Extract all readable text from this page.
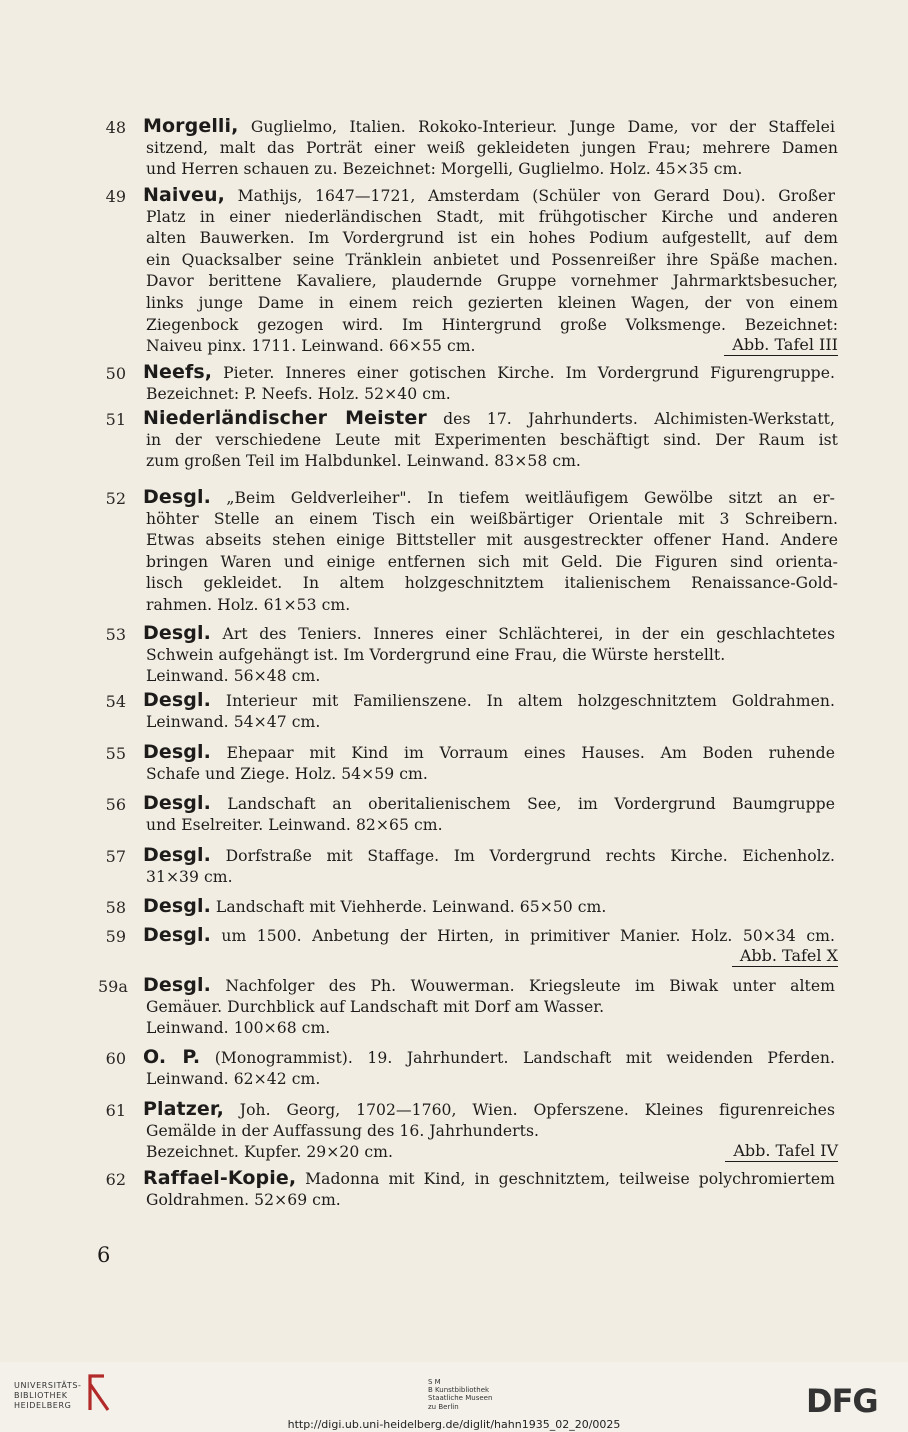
48 Morgelli, Guglielmo, Italien. Rokoko-Interieur. Junge Dame, vor der Staffelei
sitzend, malt das Porträt einer weiß gekleideten jungen Frau; mehrere Damen
und Herren schauen zu. Bezeichnet: Morgelli, Guglielmo. Holz. 45×35 cm.
49 Naiveu, Mathijs, 1647—1721, Amsterdam (Schüler von Gerard Dou). Großer
Platz in einer niederländischen Stadt, mit frühgotischer Kirche und anderen
alten Bauwerken. Im Vordergrund ist ein hohes Podium aufgestellt, auf dem
ein Quacksalber seine Tränklein anbietet und Possenreißer ihre Späße machen.
Davor berittene Kavaliere, plaudernde Gruppe vornehmer Jahrmarktsbesucher,
links junge Dame in einem reich gezierten kleinen Wagen, der von einem
Ziegenbock gezogen wird. Im Hintergrund große Volksmenge. Bezeichnet:
Naiveu pinx. 1711. Leinwand. 66×55 cm.	Abb. Tafel III
50 Neefs, Pieter. Inneres einer gotischen Kirche. Im Vordergrund Figurengruppe.
Bezeichnet: P. Neefs. Holz. 52×40 cm.
51 Niederländischer Meister des 17. Jahrhunderts. Alchimisten-Werkstatt,
in der verschiedene Leute mit Experimenten beschäftigt sind. Der Raum ist
zum großen Teil im Halbdunkel. Leinwand. 83×58 cm.
52 Desgl. „Beim Geldverleiher". In tiefem weitläufigem Gewölbe sitzt an er-
höhter Stelle an einem Tisch ein weißbärtiger Orientale mit 3 Schreibern.
Etwas abseits stehen einige Bittsteller mit ausgestreckter offener Hand. Andere
bringen Waren und einige entfernen sich mit Geld. Die Figuren sind orienta-
lisch gekleidet. In altem holzgeschnitztem italienischem Renaissance-Gold-
rahmen. Holz. 61×53 cm.
53 Desgl. Art des Teniers. Inneres einer Schlächterei, in der ein geschlachtetes
Schwein aufgehängt ist. Im Vordergrund eine Frau, die Würste herstellt.
Leinwand. 56×48 cm.
54 Desgl. Interieur mit Familienszene. In altem holzgeschnitztem Goldrahmen.
Leinwand. 54×47 cm.
55 Desgl. Ehepaar mit Kind im Vorraum eines Hauses. Am Boden ruhende
Schafe und Ziege. Holz. 54×59 cm.
56 Desgl. Landschaft an oberitalienischem See, im Vordergrund Baumgruppe
und Eselreiter. Leinwand. 82×65 cm.
57 Desgl. Dorfstraße mit Staffage. Im Vordergrund rechts Kirche. Eichenholz.
31×39 cm.
58 Desgl. Landschaft mit Viehherde. Leinwand. 65×50 cm.
59 Desgl. um 1500. Anbetung der Hirten, in primitiver Manier. Holz. 50×34 cm.
Abb. Tafel X
59a Desgl. Nachfolger des Ph. Wouwerman. Kriegsleute im Biwak unter altem
Gemäuer. Durchblick auf Landschaft mit Dorf am Wasser.
Leinwand. 100×68 cm.
60 O. P. (Monogrammist). 19. Jahrhundert. Landschaft mit weidenden Pferden.
Leinwand. 62×42 cm.
61 Platzer, Joh. Georg, 1702—1760, Wien. Opferszene. Kleines figurenreiches
Gemälde in der Auffassung des 16. Jahrhunderts.
Bezeichnet. Kupfer. 29×20 cm.	Abb. Tafel IV
62 Raffael-Kopie, Madonna mit Kind, in geschnitztem, teilweise polychromiertem
Goldrahmen. 52×69 cm.
6
UNIVERSITÄTS-
BIBLIOTHEK
HEIDELBERG
S M
B Kunstbibliothek
Staatliche Museen
zu Berlin	DFG
http://digi.ub.uni-heidelberg.de/diglit/hahn1935_02_20/0025
